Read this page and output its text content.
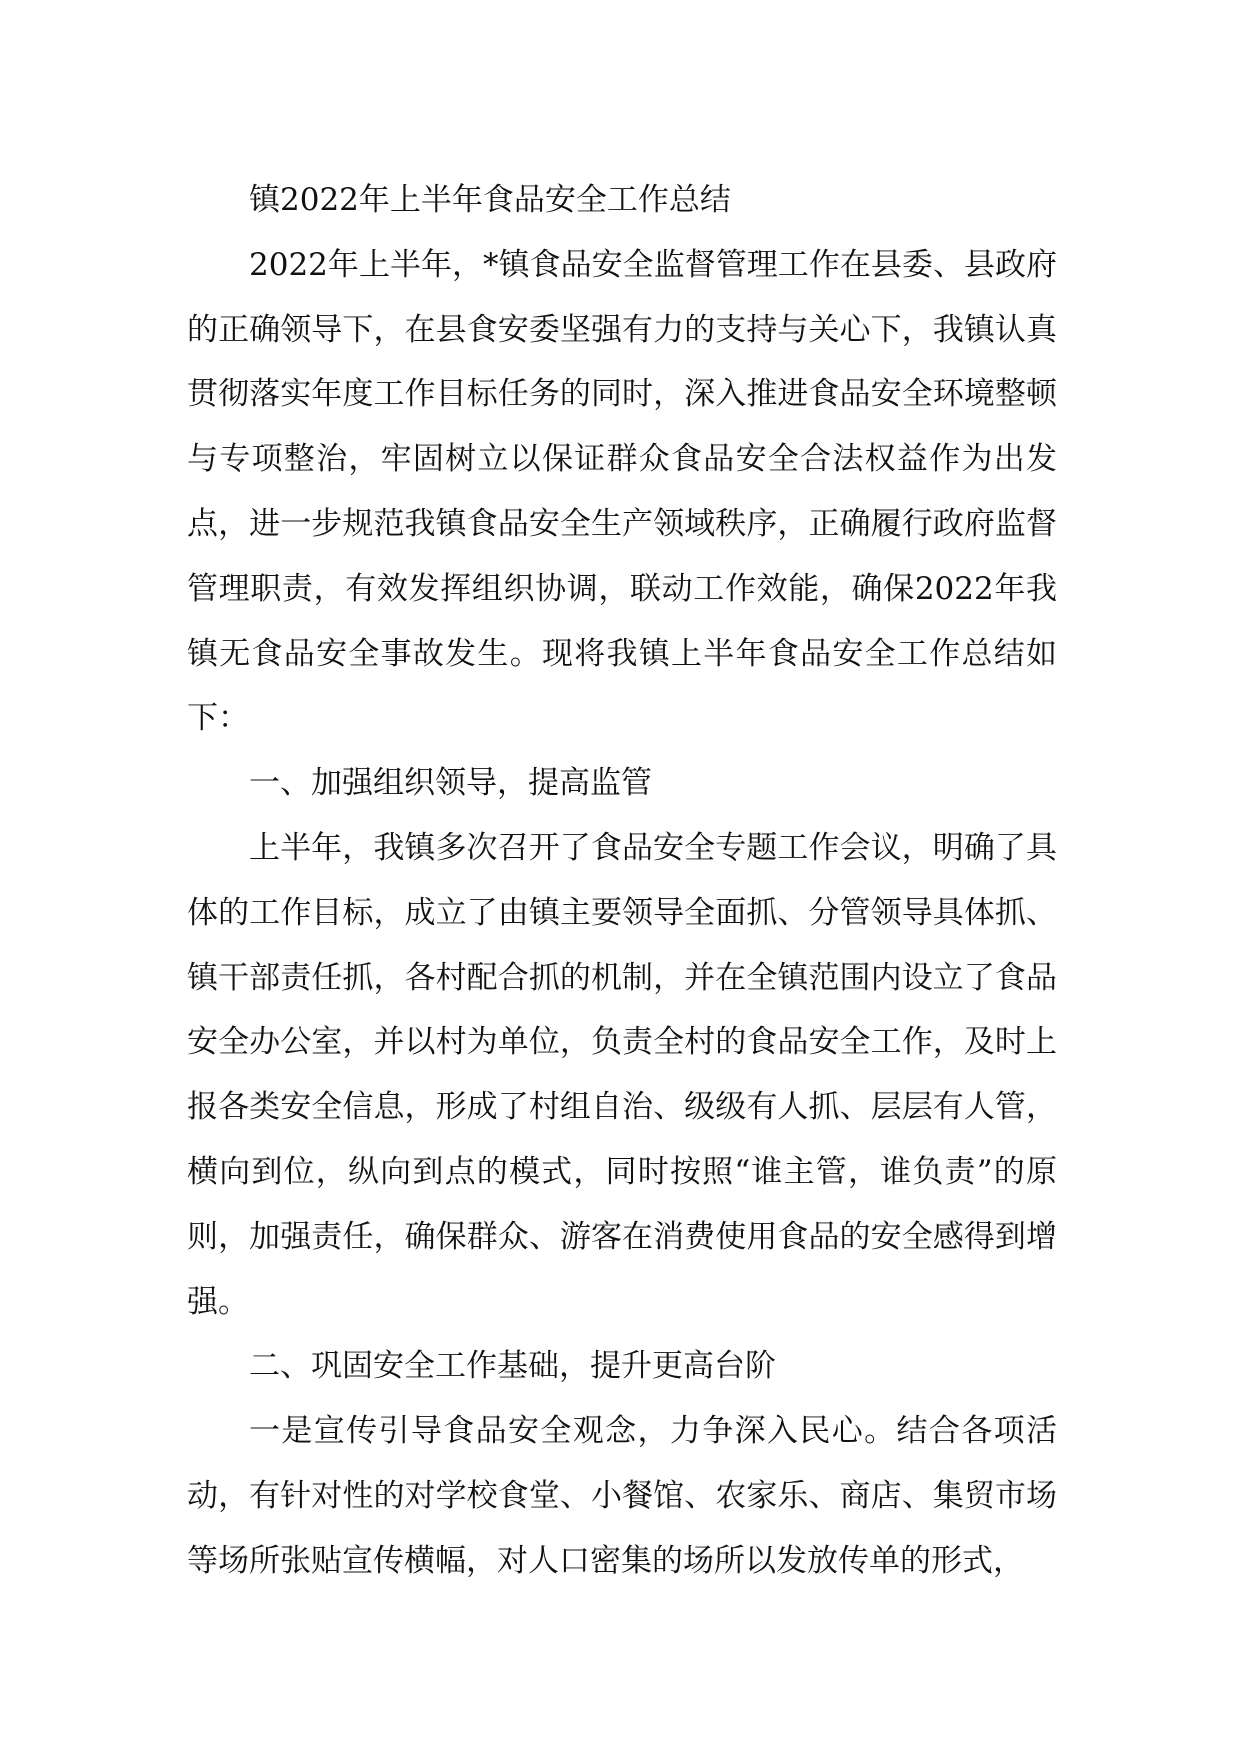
镇2022年上半年食品安全工作总结

2022年上半年，*镇食品安全监督管理工作在县委、县政府的正确领导下，在县食安委坚强有力的支持与关心下，我镇认真贯彻落实年度工作目标任务的同时，深入推进食品安全环境整顿与专项整治，牢固树立以保证群众食品安全合法权益作为出发点，进一步规范我镇食品安全生产领域秩序，正确履行政府监督管理职责，有效发挥组织协调，联动工作效能，确保2022年我镇无食品安全事故发生。现将我镇上半年食品安全工作总结如下：

一、加强组织领导，提高监管

上半年，我镇多次召开了食品安全专题工作会议，明确了具体的工作目标，成立了由镇主要领导全面抓、分管领导具体抓、镇干部责任抓，各村配合抓的机制，并在全镇范围内设立了食品安全办公室，并以村为单位，负责全村的食品安全工作，及时上报各类安全信息，形成了村组自治、级级有人抓、层层有人管，横向到位，纵向到点的模式，同时按照“谁主管，谁负责”的原则，加强责任，确保群众、游客在消费使用食品的安全感得到增强。

二、巩固安全工作基础，提升更高台阶

一是宣传引导食品安全观念，力争深入民心。结合各项活动，有针对性的对学校食堂、小餐馆、农家乐、商店、集贸市场等场所张贴宣传横幅，对人口密集的场所以发放传单的形式，
